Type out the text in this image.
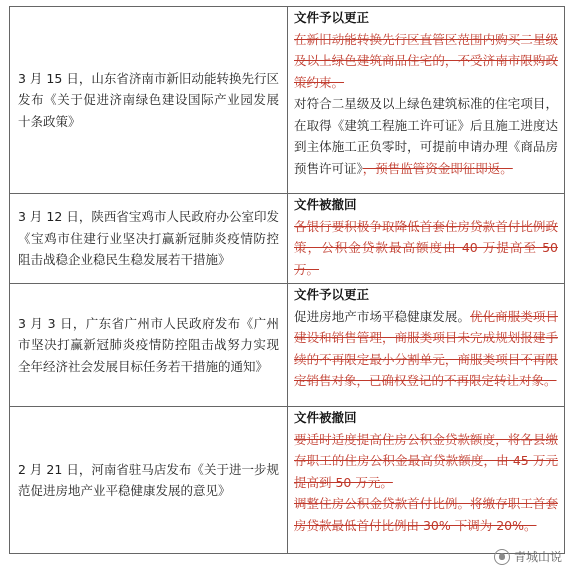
3 月 15 日，山东省济南市新旧动能转换先行区发布《关于促进济南绿色建设国际产业园发展十条政策》	文件予以更正
在新旧动能转换先行区直管区范围内购买二星级及以上绿色建筑商品住宅的，不受济南市限购政策约束。
对符合二星级及以上绿色建筑标准的住宅项目，在取得《建筑工程施工许可证》后且施工进度达到主体施工正负零时，可提前申请办理《商品房预售许可证》，预售监管资金即征即返。

3 月 12 日，陕西省宝鸡市人民政府办公室印发《宝鸡市住建行业坚决打赢新冠肺炎疫情防控阻击战稳企业稳民生稳发展若干措施》	文件被撤回
各银行要积极争取降低首套住房贷款首付比例政策，公积金贷款最高额度由 40 万提高至 50 万。

3 月 3 日，广东省广州市人民政府发布《广州市坚决打赢新冠肺炎疫情防控阻击战努力实现全年经济社会发展目标任务若干措施的通知》	文件予以更正
促进房地产市场平稳健康发展。优化商服类项目建设和销售管理，商服类项目未完成规划报建手续的不再限定最小分割单元，商服类项目不再限定销售对象，已确权登记的不再限定转让对象。

2 月 21 日，河南省驻马店发布《关于进一步规范促进房地产业平稳健康发展的意见》	文件被撤回
要适时适度提高住房公积金贷款额度，将各县缴存职工的住房公积金最高贷款额度，由 45 万元提高到 50 万元。
调整住房公积金贷款首付比例。将缴存职工首套房贷款最低首付比例由 30% 下调为 20%。
青城山说
